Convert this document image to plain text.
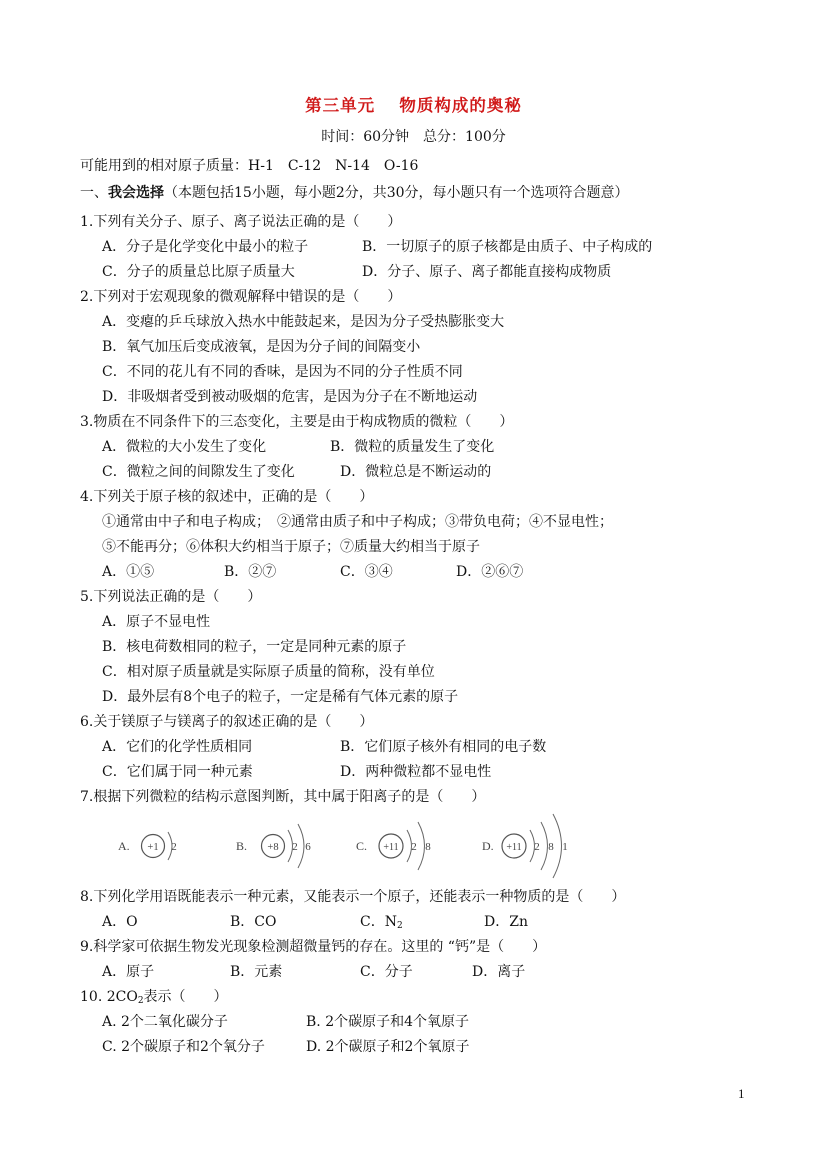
第三单元　 物质构成的奥秘
时间：60分钟　总分：100分
可能用到的相对原子质量：H-1　C-12　N-14　O-16
一、我会选择（本题包括15小题，每小题2分，共30分，每小题只有一个选项符合题意）
1.下列有关分子、原子、离子说法正确的是（　　）
A．分子是化学变化中最小的粒子	B．一切原子的原子核都是由质子、中子构成的
C．分子的质量总比原子质量大	D．分子、原子、离子都能直接构成物质
2.下列对于宏观现象的微观解释中错误的是（　　）
A．变瘪的乒乓球放入热水中能鼓起来，是因为分子受热膨胀变大
B．氧气加压后变成液氧，是因为分子间的间隔变小
C．不同的花儿有不同的香味，是因为不同的分子性质不同
D．非吸烟者受到被动吸烟的危害，是因为分子在不断地运动
3.物质在不同条件下的三态变化，主要是由于构成物质的微粒（　　）
A．微粒的大小发生了变化	B．微粒的质量发生了变化
C．微粒之间的间隙发生了变化	D．微粒总是不断运动的
4.下列关于原子核的叙述中，正确的是（　　）
①通常由中子和电子构成；　②通常由质子和中子构成；③带负电荷；④不显电性；
⑤不能再分；⑥体积大约相当于原子；⑦质量大约相当于原子
A．①⑤	B．②⑦	C．③④	D．②⑥⑦
5.下列说法正确的是（　　）
A．原子不显电性
B．核电荷数相同的粒子，一定是同种元素的原子
C．相对原子质量就是实际原子质量的简称，没有单位
D．最外层有8个电子的粒子，一定是稀有气体元素的原子
6.关于镁原子与镁离子的叙述正确的是（　　）
A．它们的化学性质相同	B．它们原子核外有相同的电子数
C．它们属于同一种元素	D．两种微粒都不显电性
7.根据下列微粒的结构示意图判断，其中属于阳离子的是（　　）
A. +1 2	B. +8 2 6	C. +11 2 8	D. +11 2 8 1
8.下列化学用语既能表示一种元素，又能表示一个原子，还能表示一种物质的是（　　）
A．O	B．CO	C．$N_2$	D．Zn
9.科学家可依据生物发光现象检测超微量钙的存在。这里的 “钙”是（　　）
A．原子	B．元素	C．分子	D．离子
10. $2CO_2$表示（　　）
A. 2个二氧化碳分子	B. 2个碳原子和4个氧原子
C. 2个碳原子和2个氧分子	D. 2个碳原子和2个氧原子
1
